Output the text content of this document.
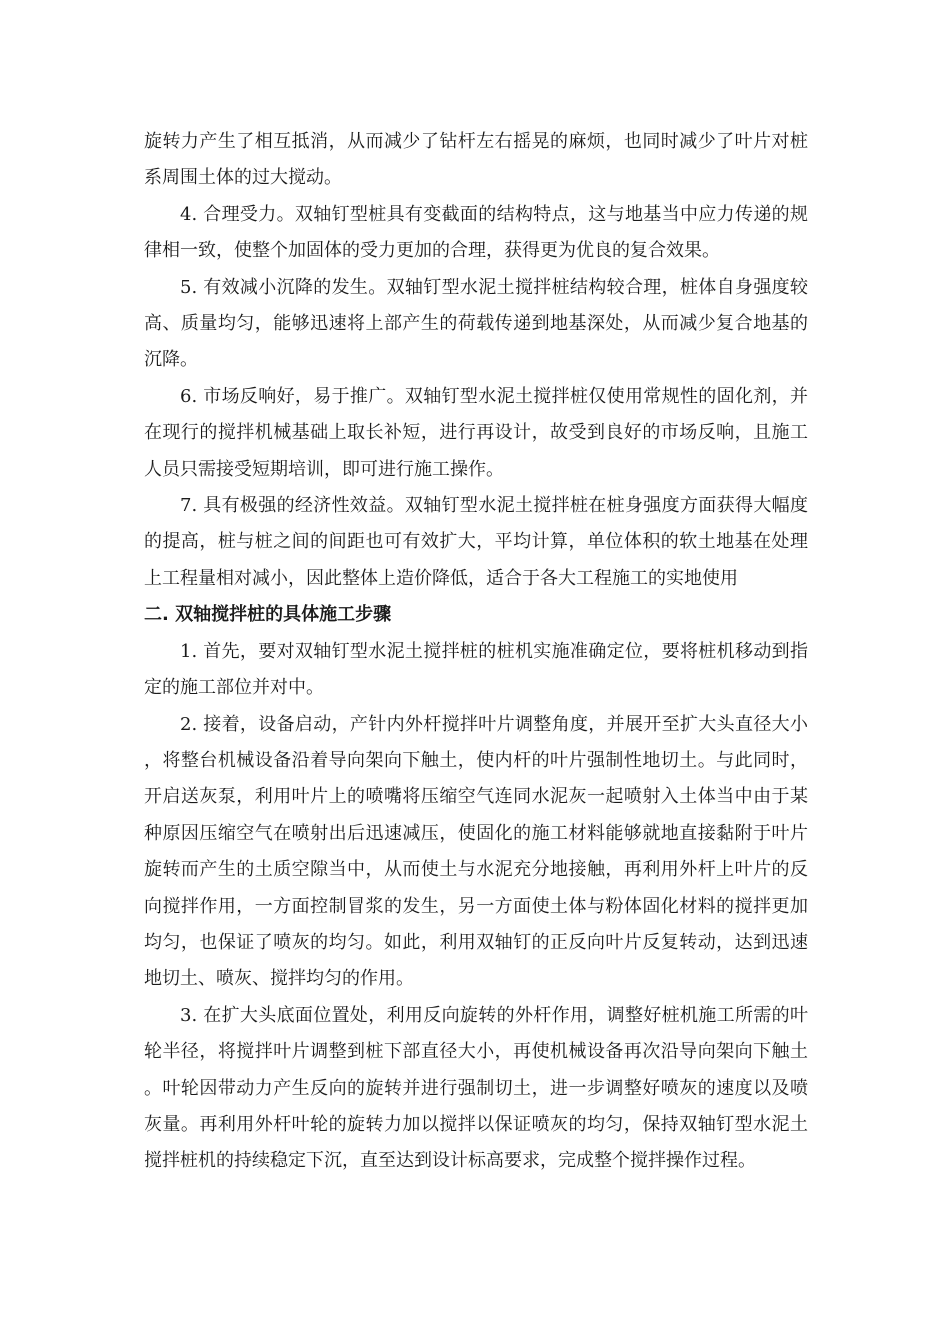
旋转力产生了相互抵消，从而减少了钻杆左右摇晃的麻烦，也同时减少了叶片对桩系周围土体的过大搅动。

4. 合理受力。双轴钉型桩具有变截面的结构特点，这与地基当中应力传递的规律相一致，使整个加固体的受力更加的合理，获得更为优良的复合效果。

5. 有效减小沉降的发生。双轴钉型水泥土搅拌桩结构较合理，桩体自身强度较高、质量均匀，能够迅速将上部产生的荷载传递到地基深处，从而减少复合地基的沉降。

6. 市场反响好，易于推广。双轴钉型水泥土搅拌桩仅使用常规性的固化剂，并在现行的搅拌机械基础上取长补短，进行再设计，故受到良好的市场反响，且施工人员只需接受短期培训，即可进行施工操作。

7. 具有极强的经济性效益。双轴钉型水泥土搅拌桩在桩身强度方面获得大幅度的提高，桩与桩之间的间距也可有效扩大，平均计算，单位体积的软土地基在处理上工程量相对减小，因此整体上造价降低，适合于各大工程施工的实地使用

二. 双轴搅拌桩的具体施工步骤

1. 首先，要对双轴钉型水泥土搅拌桩的桩机实施准确定位，要将桩机移动到指定的施工部位并对中。

2. 接着，设备启动，产针内外杆搅拌叶片调整角度，并展开至扩大头直径大小，将整台机械设备沿着导向架向下触土，使内杆的叶片强制性地切土。与此同时，开启送灰泵，利用叶片上的喷嘴将压缩空气连同水泥灰一起喷射入土体当中由于某种原因压缩空气在喷射出后迅速减压，使固化的施工材料能够就地直接黏附于叶片旋转而产生的土质空隙当中，从而使土与水泥充分地接触，再利用外杆上叶片的反向搅拌作用，一方面控制冒浆的发生，另一方面使土体与粉体固化材料的搅拌更加均匀，也保证了喷灰的均匀。如此，利用双轴钉的正反向叶片反复转动，达到迅速地切土、喷灰、搅拌均匀的作用。

3. 在扩大头底面位置处，利用反向旋转的外杆作用，调整好桩机施工所需的叶轮半径，将搅拌叶片调整到桩下部直径大小，再使机械设备再次沿导向架向下触土。叶轮因带动力产生反向的旋转并进行强制切土，进一步调整好喷灰的速度以及喷灰量。再利用外杆叶轮的旋转力加以搅拌以保证喷灰的均匀，保持双轴钉型水泥土搅拌桩机的持续稳定下沉，直至达到设计标高要求，完成整个搅拌操作过程。
